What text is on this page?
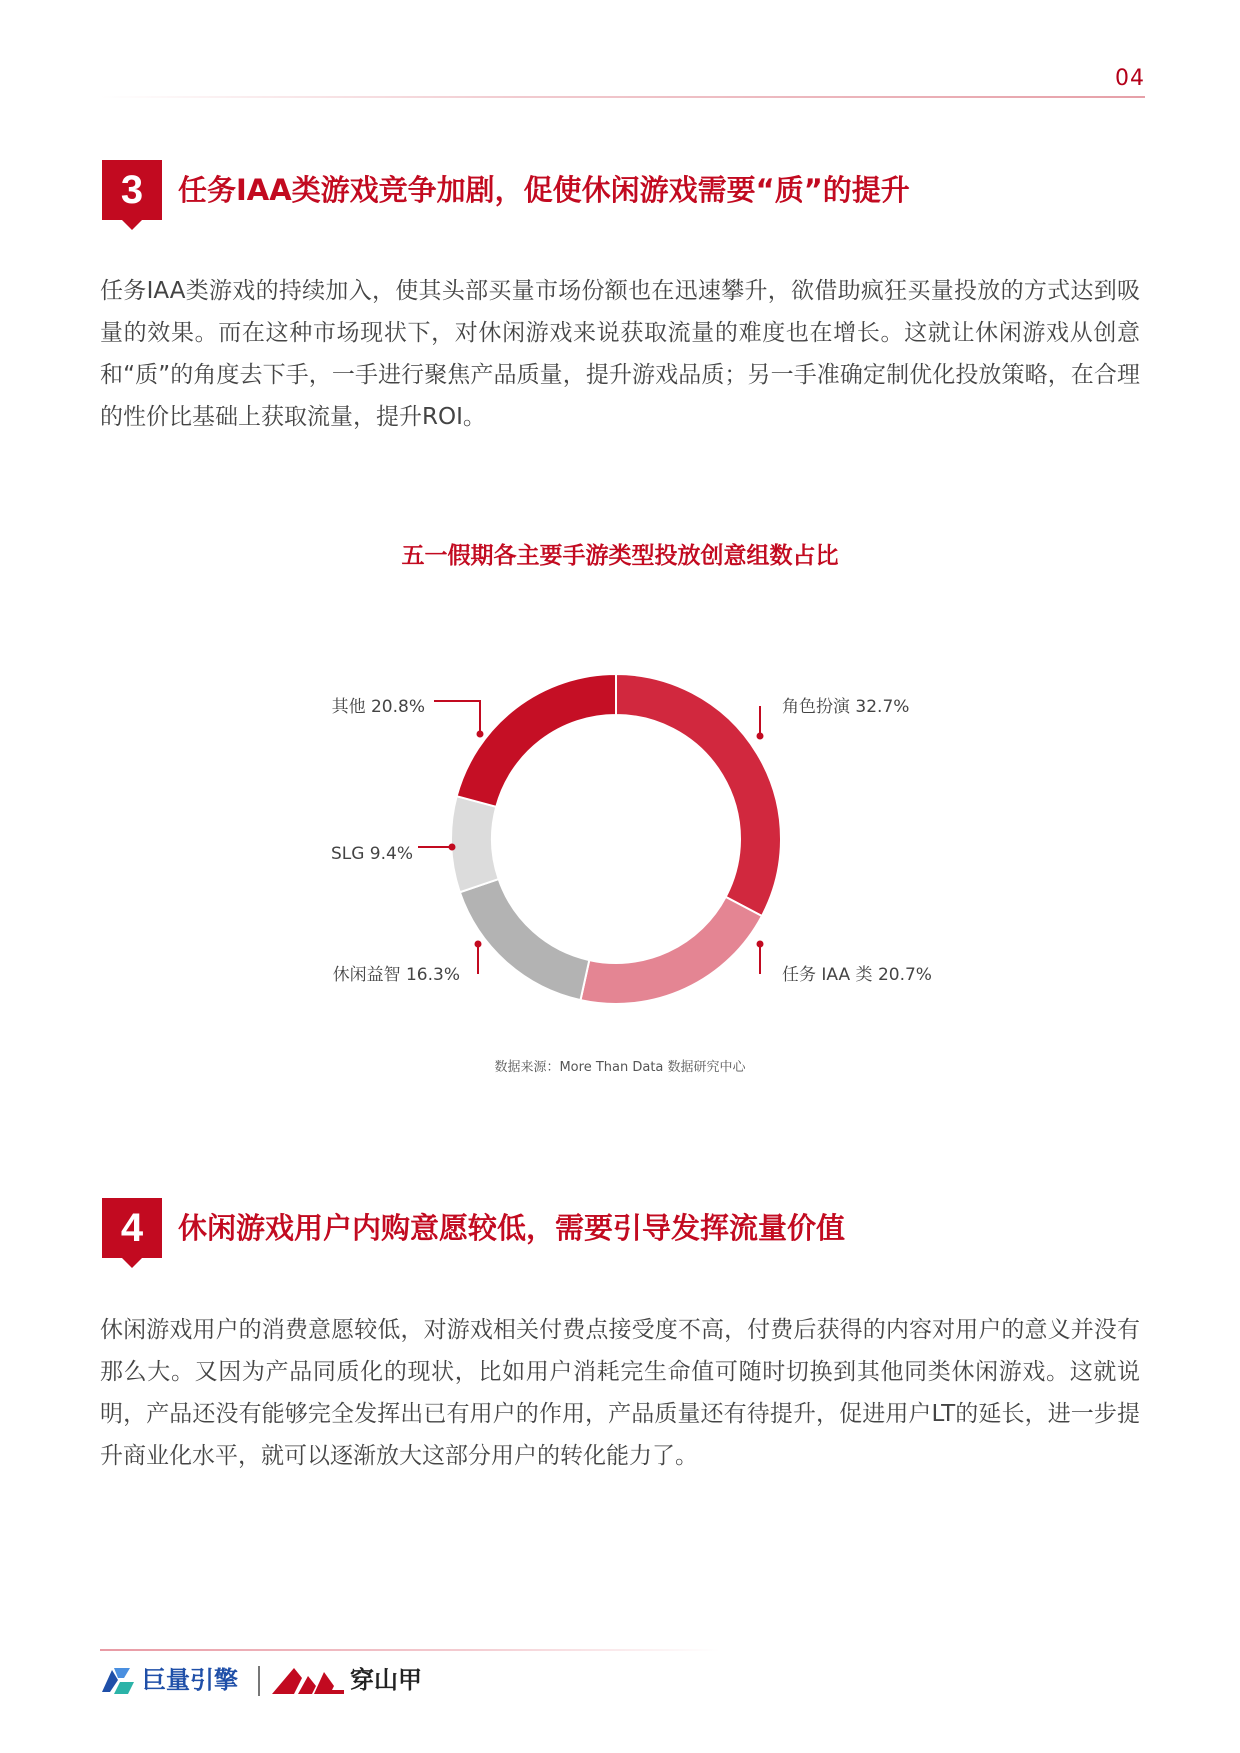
04
3	任务IAA类游戏竞争加剧，促使休闲游戏需要“质”的提升
任务IAA类游戏的持续加入，使其头部买量市场份额也在迅速攀升，欲借助疯狂买量投放的方式达到吸量的效果。而在这种市场现状下，对休闲游戏来说获取流量的难度也在增长。这就让休闲游戏从创意和“质”的角度去下手，一手进行聚焦产品质量，提升游戏品质；另一手准确定制优化投放策略，在合理的性价比基础上获取流量，提升ROI。
五一假期各主要手游类型投放创意组数占比
角色扮演 32.7%
任务 IAA 类 20.7%
休闲益智 16.3%
SLG 9.4%
其他 20.8%
数据来源：More Than Data 数据研究中心
4	休闲游戏用户内购意愿较低，需要引导发挥流量价值
休闲游戏用户的消费意愿较低，对游戏相关付费点接受度不高，付费后获得的内容对用户的意义并没有那么大。又因为产品同质化的现状，比如用户消耗完生命值可随时切换到其他同类休闲游戏。这就说明，产品还没有能够完全发挥出已有用户的作用，产品质量还有待提升，促进用户LT的延长，进一步提升商业化水平，就可以逐渐放大这部分用户的转化能力了。
巨量引擎	穿山甲
